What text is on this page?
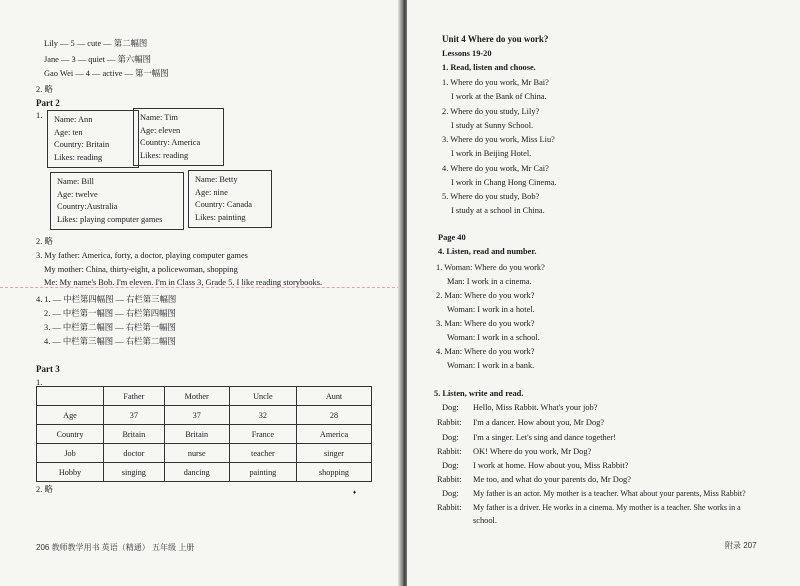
Lily — 5 — cute — 第二幅图
Jane — 3 — quiet — 第六幅图
Gao Wei — 4 — active — 第一幅图
2. 略
Part 2
1. Name: Ann
Age: ten
Country: Britain
Likes: reading
Name: Tim
Age: eleven
Country: America
Likes: reading
Name: Bill
Age: twelve
Country:Australia
Likes: playing computer games
Name: Betty
Age: nine
Country: Canada
Likes: painting
2. 略
3. My father: America, forty, a doctor, playing computer games
My mother: China, thirty-eight, a policewoman, shopping
Me: My name's Bob. I'm eleven. I'm in Class 3, Grade 5. I like reading storybooks.
4. 1. — 中栏第四幅图 — 右栏第三幅图
2. — 中栏第一幅图 — 右栏第四幅图
3. — 中栏第二幅图 — 右栏第一幅图
4. — 中栏第三幅图 — 右栏第二幅图
Part 3
1.
	Father	Mother	Uncle	Aunt
Age	37	37	32	28
Country	Britain	Britain	France	America
Job	doctor	nurse	teacher	singer
Hobby	singing	dancing	painting	shopping
2. 略	♦
206 教师教学用书 英语（精通） 五年级 上册
Unit 4 Where do you work?
Lessons 19-20
1. Read, listen and choose.
1. Where do you work, Mr Bai?
I work at the Bank of China.
2. Where do you study, Lily?
I study at Sunny School.
3. Where do you work, Miss Liu?
I work in Beijing Hotel.
4. Where do you work, Mr Cai?
I work in Chang Hong Cinema.
5. Where do you study, Bob?
I study at a school in China.
Page 40
4. Listen, read and number.
1. Woman: Where do you work?
Man: I work in a cinema.
2. Man: Where do you work?
Woman: I work in a hotel.
3. Man: Where do you work?
Woman: I work in a school.
4. Man: Where do you work?
Woman: I work in a bank.
5. Listen, write and read.
Dog: Hello, Miss Rabbit. What's your job?
Rabbit: I'm a dancer. How about you, Mr Dog?
Dog: I'm a singer. Let's sing and dance together!
Rabbit: OK! Where do you work, Mr Dog?
Dog: I work at home. How about you, Miss Rabbit?
Rabbit: Me too, and what do your parents do, Mr Dog?
Dog: My father is an actor. My mother is a teacher. What about your parents, Miss Rabbit?
Rabbit: My father is a driver. He works in a cinema. My mother is a teacher. She works in a
school.
附录 207
